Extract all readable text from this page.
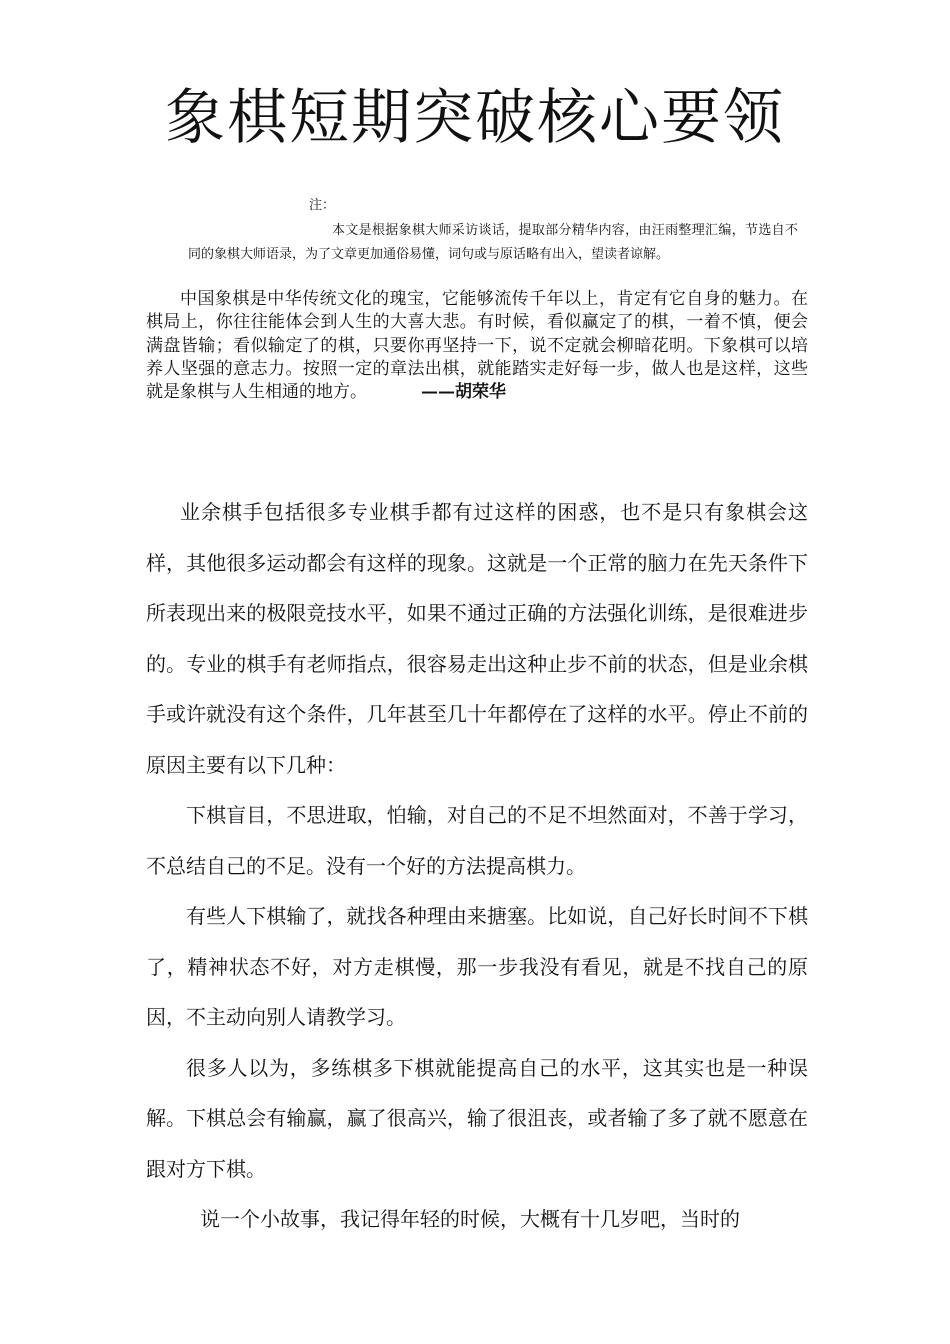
象棋短期突破核心要领
注：

本文是根据象棋大师采访谈话，提取部分精华内容，由汪雨整理汇编，节选自不同的象棋大师语录，为了文章更加通俗易懂，词句或与原话略有出入，望读者谅解。

中国象棋是中华传统文化的瑰宝，它能够流传千年以上，肯定有它自身的魅力。在棋局上，你往往能体会到人生的大喜大悲。有时候，看似赢定了的棋，一着不慎，便会满盘皆输；看似输定了的棋，只要你再坚持一下，说不定就会柳暗花明。下象棋可以培养人坚强的意志力。按照一定的章法出棋，就能踏实走好每一步，做人也是这样，这些就是象棋与人生相通的地方。	——胡荣华

业余棋手包括很多专业棋手都有过这样的困惑，也不是只有象棋会这样，其他很多运动都会有这样的现象。这就是一个正常的脑力在先天条件下所表现出来的极限竞技水平，如果不通过正确的方法强化训练，是很难进步的。专业的棋手有老师指点，很容易走出这种止步不前的状态，但是业余棋手或许就没有这个条件，几年甚至几十年都停在了这样的水平。停止不前的原因主要有以下几种：

下棋盲目，不思进取，怕输，对自己的不足不坦然面对，不善于学习，不总结自己的不足。没有一个好的方法提高棋力。

有些人下棋输了，就找各种理由来搪塞。比如说，自己好长时间不下棋了，精神状态不好，对方走棋慢，那一步我没有看见，就是不找自己的原因，不主动向别人请教学习。

很多人以为，多练棋多下棋就能提高自己的水平，这其实也是一种误解。下棋总会有输赢，赢了很高兴，输了很沮丧，或者输了多了就不愿意在跟对方下棋。

说一个小故事，我记得年轻的时候，大概有十几岁吧，当时的
